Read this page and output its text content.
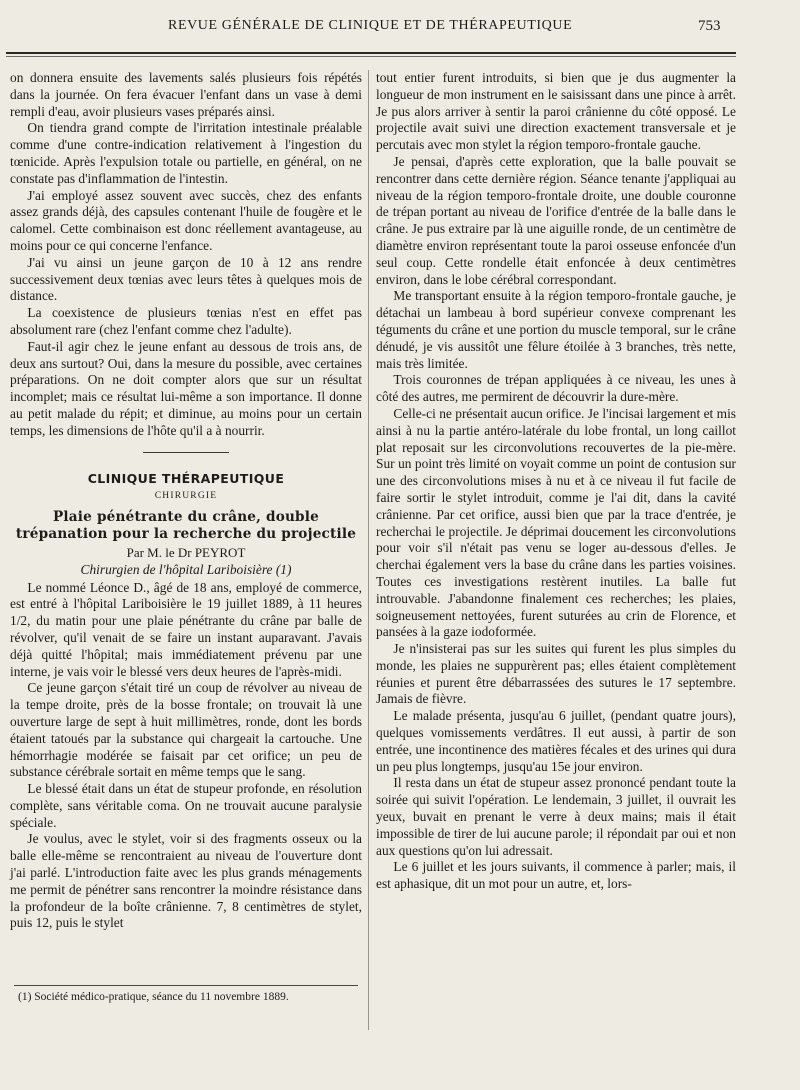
REVUE GÉNÉRALE DE CLINIQUE ET DE THÉRAPEUTIQUE	753

on donnera ensuite des lavements salés plusieurs fois répétés dans la journée. On fera évacuer l'enfant dans un vase à demi rempli d'eau, avoir plusieurs vases préparés ainsi.

On tiendra grand compte de l'irritation intestinale préalable comme d'une contre-indication relativement à l'ingestion du tœnicide. Après l'expulsion totale ou partielle, en général, on ne constate pas d'inflammation de l'intestin.

J'ai employé assez souvent avec succès, chez des enfants assez grands déjà, des capsules contenant l'huile de fougère et le calomel. Cette combinaison est donc réellement avantageuse, au moins pour ce qui concerne l'enfance.

J'ai vu ainsi un jeune garçon de 10 à 12 ans rendre successivement deux tœnias avec leurs têtes à quelques mois de distance.

La coexistence de plusieurs tœnias n'est en effet pas absolument rare (chez l'enfant comme chez l'adulte).

Faut-il agir chez le jeune enfant au dessous de trois ans, de deux ans surtout? Oui, dans la mesure du possible, avec certaines préparations. On ne doit compter alors que sur un résultat incomplet; mais ce résultat lui-même a son importance. Il donne au petit malade du répit; et diminue, au moins pour un certain temps, les dimensions de l'hôte qu'il a à nourrir.

CLINIQUE THÉRAPEUTIQUE
CHIRURGIE
Plaie pénétrante du crâne, double trépanation pour la recherche du projectile
Par M. le Dr PEYROT
Chirurgien de l'hôpital Lariboisière (1)

Le nommé Léonce D., âgé de 18 ans, employé de commerce, est entré à l'hôpital Lariboisière le 19 juillet 1889, à 11 heures 1/2, du matin pour une plaie pénétrante du crâne par balle de révolver, qu'il venait de se faire un instant auparavant. J'avais déjà quitté l'hôpital; mais immédiatement prévenu par une interne, je vais voir le blessé vers deux heures de l'après-midi.

Ce jeune garçon s'était tiré un coup de révolver au niveau de la tempe droite, près de la bosse frontale; on trouvait là une ouverture large de sept à huit millimètres, ronde, dont les bords étaient tatoués par la substance qui chargeait la cartouche. Une hémorrhagie modérée se faisait par cet orifice; un peu de substance cérébrale sortait en même temps que le sang.

Le blessé était dans un état de stupeur profonde, en résolution complète, sans véritable coma. On ne trouvait aucune paralysie spéciale.

Je voulus, avec le stylet, voir si des fragments osseux ou la balle elle-même se rencontraient au niveau de l'ouverture dont j'ai parlé. L'introduction faite avec les plus grands ménagements me permit de pénétrer sans rencontrer la moindre résistance dans la profondeur de la boîte crânienne. 7, 8 centimètres de stylet, puis 12, puis le stylet

(1) Société médico-pratique, séance du 11 novembre 1889.

tout entier furent introduits, si bien que je dus augmenter la longueur de mon instrument en le saisissant dans une pince à arrêt. Je pus alors arriver à sentir la paroi crânienne du côté opposé. Le projectile avait suivi une direction exactement transversale et je percutais avec mon stylet la région temporo-frontale gauche.

Je pensai, d'après cette exploration, que la balle pouvait se rencontrer dans cette dernière région. Séance tenante j'appliquai au niveau de la région temporo-frontale droite, une double couronne de trépan portant au niveau de l'orifice d'entrée de la balle dans le crâne. Je pus extraire par là une aiguille ronde, de un centimètre de diamètre environ représentant toute la paroi osseuse enfoncée d'un seul coup. Cette rondelle était enfoncée à deux centimètres environ, dans le lobe cérébral correspondant.

Me transportant ensuite à la région temporo-frontale gauche, je détachai un lambeau à bord supérieur convexe comprenant les téguments du crâne et une portion du muscle temporal, sur le crâne dénudé, je vis aussitôt une fêlure étoilée à 3 branches, très nette, mais très limitée.

Trois couronnes de trépan appliquées à ce niveau, les unes à côté des autres, me permirent de découvrir la dure-mère.

Celle-ci ne présentait aucun orifice. Je l'incisai largement et mis ainsi à nu la partie antéro-latérale du lobe frontal, un long caillot plat reposait sur les circonvolutions recouvertes de la pie-mère. Sur un point très limité on voyait comme un point de contusion sur une des circonvolutions mises à nu et à ce niveau il fut facile de faire sortir le stylet introduit, comme je l'ai dit, dans la cavité crânienne. Par cet orifice, aussi bien que par la trace d'entrée, je recherchai le projectile. Je déprimai doucement les circonvolutions pour voir s'il n'était pas venu se loger au-dessous d'elles. Je cherchai également vers la base du crâne dans les parties voisines. Toutes ces investigations restèrent inutiles. La balle fut introuvable. J'abandonne finalement ces recherches; les plaies, soigneusement nettoyées, furent suturées au crin de Florence, et pansées à la gaze iodoformée.

Je n'insisterai pas sur les suites qui furent les plus simples du monde, les plaies ne suppurèrent pas; elles étaient complètement réunies et purent être débarrassées des sutures le 17 septembre. Jamais de fièvre.

Le malade présenta, jusqu'au 6 juillet, (pendant quatre jours), quelques vomissements verdâtres. Il eut aussi, à partir de son entrée, une incontinence des matières fécales et des urines qui dura un peu plus longtemps, jusqu'au 15e jour environ.

Il resta dans un état de stupeur assez prononcé pendant toute la soirée qui suivit l'opération. Le lendemain, 3 juillet, il ouvrait les yeux, buvait en prenant le verre à deux mains; mais il était impossible de tirer de lui aucune parole; il répondait par oui et non aux questions qu'on lui adressait.

Le 6 juillet et les jours suivants, il commence à parler; mais, il est aphasique, dit un mot pour un autre, et, lors-
